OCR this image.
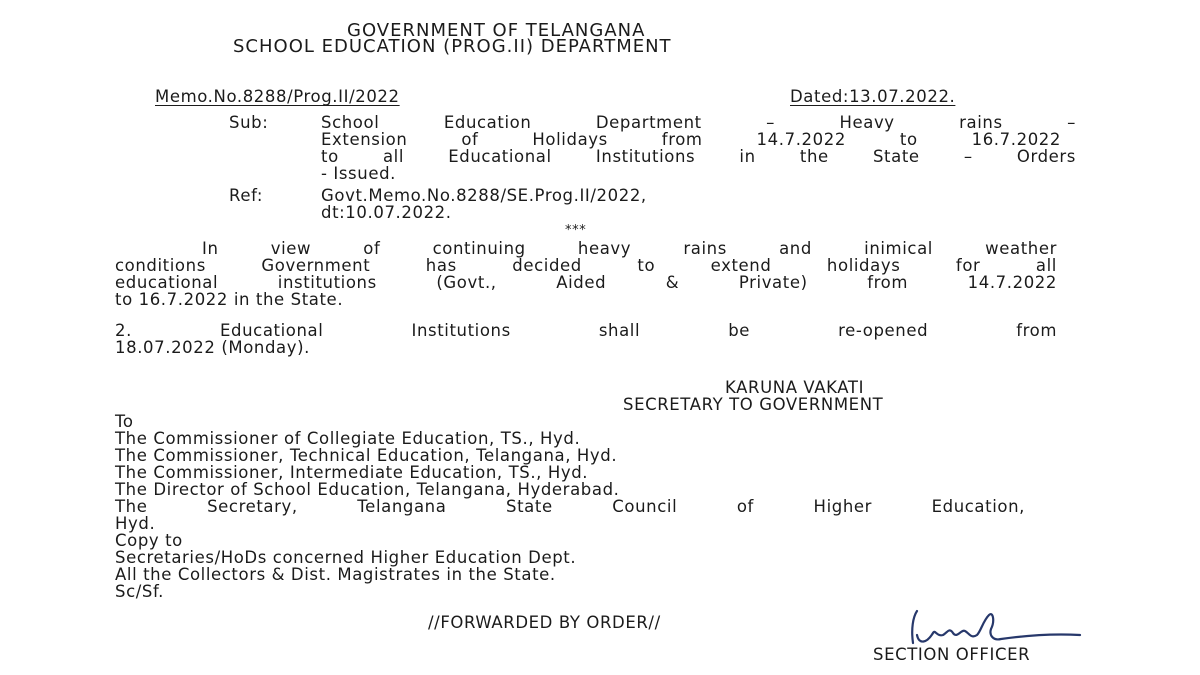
GOVERNMENT OF TELANGANA
SCHOOL EDUCATION (PROG.II) DEPARTMENT
Memo.No.8288/Prog.II/2022	Dated:13.07.2022.
Sub:	School Education Department – Heavy rains –
Extension of Holidays from 14.7.2022 to 16.7.2022
to all Educational Institutions in the State – Orders
- Issued.
Ref:	Govt.Memo.No.8288/SE.Prog.II/2022,
dt:10.07.2022.
***
In view of continuing heavy rains and inimical weather
conditions Government has decided to extend holidays for all
educational institutions (Govt., Aided & Private) from 14.7.2022
to 16.7.2022 in the State.
2. Educational Institutions shall be re-opened from
18.07.2022 (Monday).
KARUNA VAKATI
SECRETARY TO GOVERNMENT
To
The Commissioner of Collegiate Education, TS., Hyd.
The Commissioner, Technical Education, Telangana, Hyd.
The Commissioner, Intermediate Education, TS., Hyd.
The Director of School Education, Telangana, Hyderabad.
The Secretary, Telangana State Council of Higher Education,
Hyd.
Copy to
Secretaries/HoDs concerned Higher Education Dept.
All the Collectors & Dist. Magistrates in the State.
Sc/Sf.
//FORWARDED BY ORDER//
SECTION OFFICER
